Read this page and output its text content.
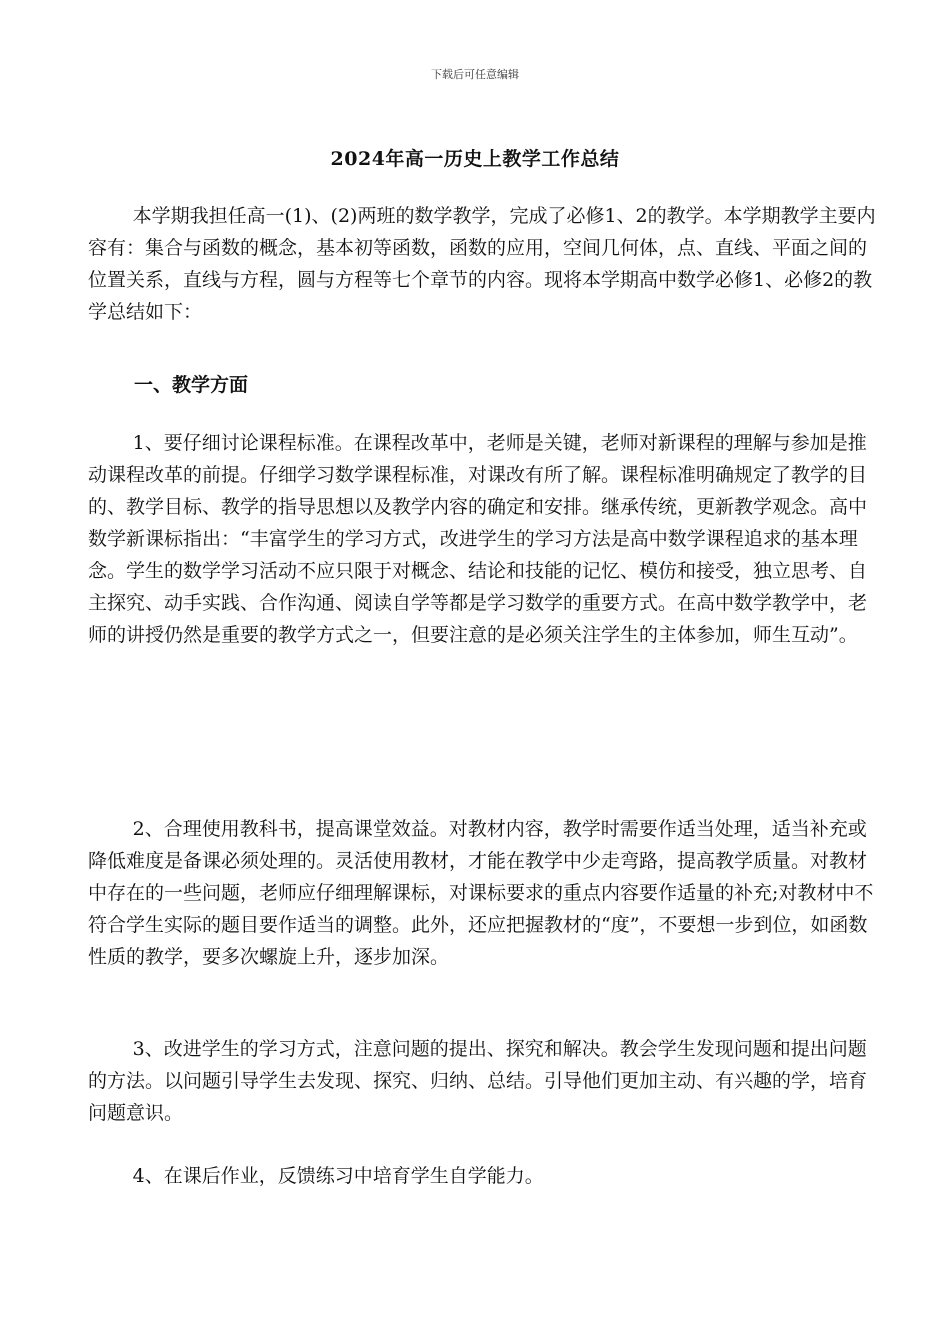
下载后可任意编辑
2024年高一历史上教学工作总结

本学期我担任高一(1)、(2)两班的数学教学，完成了必修1、2的教学。本学期教学主要内容有：集合与函数的概念，基本初等函数，函数的应用，空间几何体，点、直线、平面之间的位置关系，直线与方程，圆与方程等七个章节的内容。现将本学期高中数学必修1、必修2的教学总结如下：

一、教学方面

1、要仔细讨论课程标准。在课程改革中，老师是关键，老师对新课程的理解与参加是推动课程改革的前提。仔细学习数学课程标准，对课改有所了解。课程标准明确规定了教学的目的、教学目标、教学的指导思想以及教学内容的确定和安排。继承传统，更新教学观念。高中数学新课标指出：“丰富学生的学习方式，改进学生的学习方法是高中数学课程追求的基本理念。学生的数学学习活动不应只限于对概念、结论和技能的记忆、模仿和接受，独立思考、自主探究、动手实践、合作沟通、阅读自学等都是学习数学的重要方式。在高中数学教学中，老师的讲授仍然是重要的教学方式之一，但要注意的是必须关注学生的主体参加，师生互动”。

2、合理使用教科书，提高课堂效益。对教材内容，教学时需要作适当处理，适当补充或降低难度是备课必须处理的。灵活使用教材，才能在教学中少走弯路，提高教学质量。对教材中存在的一些问题，老师应仔细理解课标，对课标要求的重点内容要作适量的补充;对教材中不符合学生实际的题目要作适当的调整。此外，还应把握教材的“度”，不要想一步到位，如函数性质的教学，要多次螺旋上升，逐步加深。

3、改进学生的学习方式，注意问题的提出、探究和解决。教会学生发现问题和提出问题的方法。以问题引导学生去发现、探究、归纳、总结。引导他们更加主动、有兴趣的学，培育问题意识。

4、在课后作业，反馈练习中培育学生自学能力。
